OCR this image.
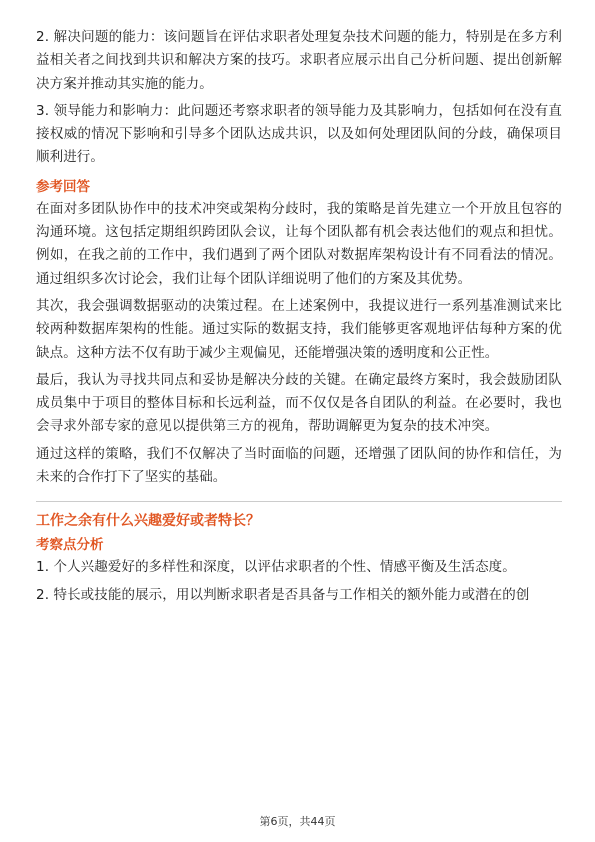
2. 解决问题的能力：该问题旨在评估求职者处理复杂技术问题的能力，特别是在多方利益相关者之间找到共识和解决方案的技巧。求职者应展示出自己分析问题、提出创新解决方案并推动其实施的能力。

3. 领导能力和影响力：此问题还考察求职者的领导能力及其影响力，包括如何在没有直接权威的情况下影响和引导多个团队达成共识，以及如何处理团队间的分歧，确保项目顺利进行。

参考回答

在面对多团队协作中的技术冲突或架构分歧时，我的策略是首先建立一个开放且包容的沟通环境。这包括定期组织跨团队会议，让每个团队都有机会表达他们的观点和担忧。例如，在我之前的工作中，我们遇到了两个团队对数据库架构设计有不同看法的情况。通过组织多次讨论会，我们让每个团队详细说明了他们的方案及其优势。

其次，我会强调数据驱动的决策过程。在上述案例中，我提议进行一系列基准测试来比较两种数据库架构的性能。通过实际的数据支持，我们能够更客观地评估每种方案的优缺点。这种方法不仅有助于减少主观偏见，还能增强决策的透明度和公正性。

最后，我认为寻找共同点和妥协是解决分歧的关键。在确定最终方案时，我会鼓励团队成员集中于项目的整体目标和长远利益，而不仅仅是各自团队的利益。在必要时，我也会寻求外部专家的意见以提供第三方的视角，帮助调解更为复杂的技术冲突。

通过这样的策略，我们不仅解决了当时面临的问题，还增强了团队间的协作和信任，为未来的合作打下了坚实的基础。

工作之余有什么兴趣爱好或者特长？
考察点分析

1. 个人兴趣爱好的多样性和深度，以评估求职者的个性、情感平衡及生活态度。

2. 特长或技能的展示，用以判断求职者是否具备与工作相关的额外能力或潜在的创

第6页，共44页
